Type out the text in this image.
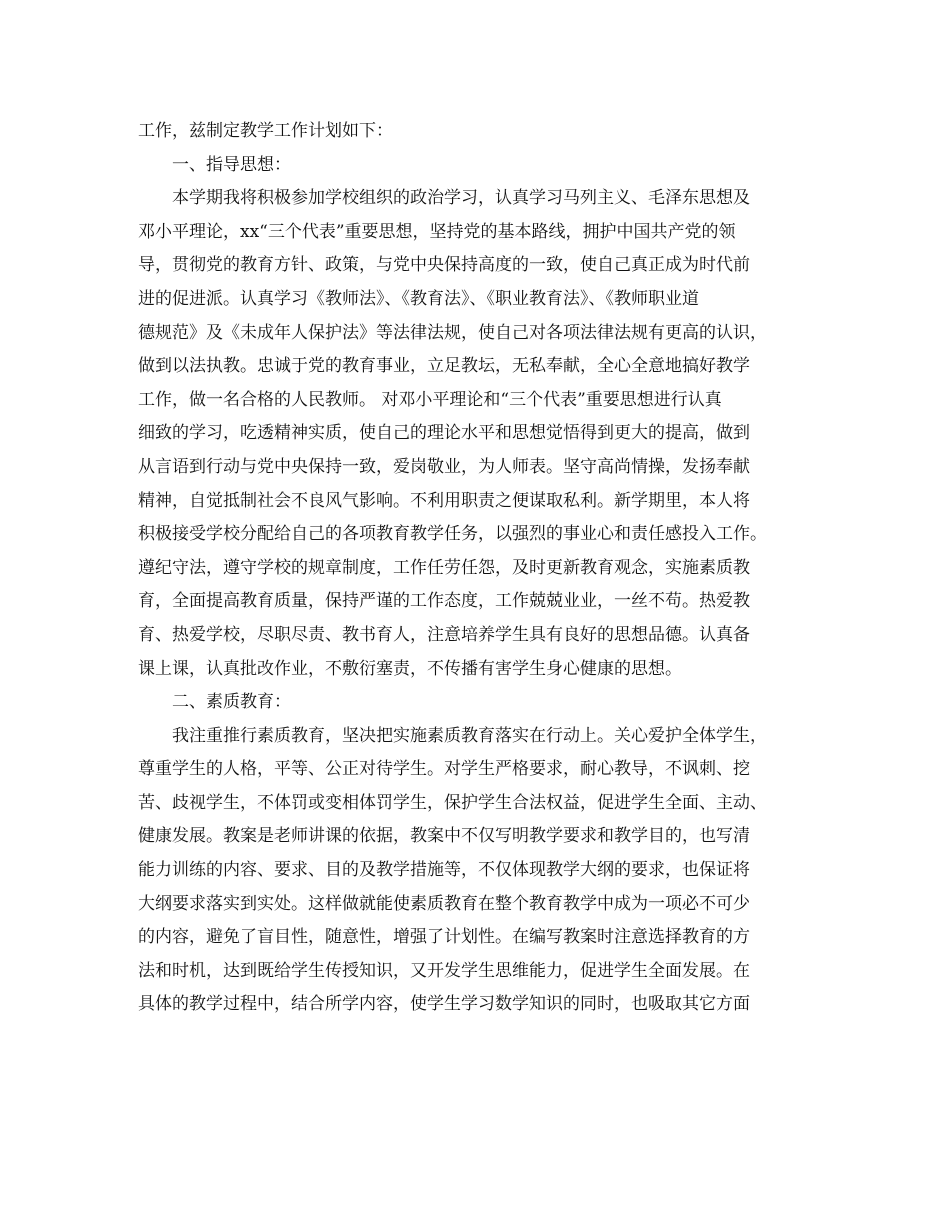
工作，兹制定教学工作计划如下：
一、指导思想：
本学期我将积极参加学校组织的政治学习，认真学习马列主义、毛泽东思想及
邓小平理论，xx“三个代表”重要思想，坚持党的基本路线，拥护中国共产党的领
导，贯彻党的教育方针、政策，与党中央保持高度的一致，使自己真正成为时代前
进的促进派。认真学习《教师法》、《教育法》、《职业教育法》、《教师职业道
德规范》及《未成年人保护法》等法律法规，使自己对各项法律法规有更高的认识，
做到以法执教。忠诚于党的教育事业，立足教坛，无私奉献，全心全意地搞好教学
工作，做一名合格的人民教师。 对邓小平理论和“三个代表”重要思想进行认真
细致的学习，吃透精神实质，使自己的理论水平和思想觉悟得到更大的提高，做到
从言语到行动与党中央保持一致，爱岗敬业，为人师表。坚守高尚情操，发扬奉献
精神，自觉抵制社会不良风气影响。不利用职责之便谋取私利。新学期里，本人将
积极接受学校分配给自己的各项教育教学任务，以强烈的事业心和责任感投入工作。
遵纪守法，遵守学校的规章制度，工作任劳任怨，及时更新教育观念，实施素质教
育，全面提高教育质量，保持严谨的工作态度，工作兢兢业业，一丝不苟。热爱教
育、热爱学校，尽职尽责、教书育人，注意培养学生具有良好的思想品德。认真备
课上课，认真批改作业，不敷衍塞责，不传播有害学生身心健康的思想。
二、素质教育：
我注重推行素质教育，坚决把实施素质教育落实在行动上。关心爱护全体学生，
尊重学生的人格，平等、公正对待学生。对学生严格要求，耐心教导，不讽刺、挖
苦、歧视学生，不体罚或变相体罚学生，保护学生合法权益，促进学生全面、主动、
健康发展。教案是老师讲课的依据，教案中不仅写明教学要求和教学目的，也写清
能力训练的内容、要求、目的及教学措施等，不仅体现教学大纲的要求，也保证将
大纲要求落实到实处。这样做就能使素质教育在整个教育教学中成为一项必不可少
的内容，避免了盲目性，随意性，增强了计划性。在编写教案时注意选择教育的方
法和时机，达到既给学生传授知识，又开发学生思维能力，促进学生全面发展。在
具体的教学过程中，结合所学内容，使学生学习数学知识的同时，也吸取其它方面
